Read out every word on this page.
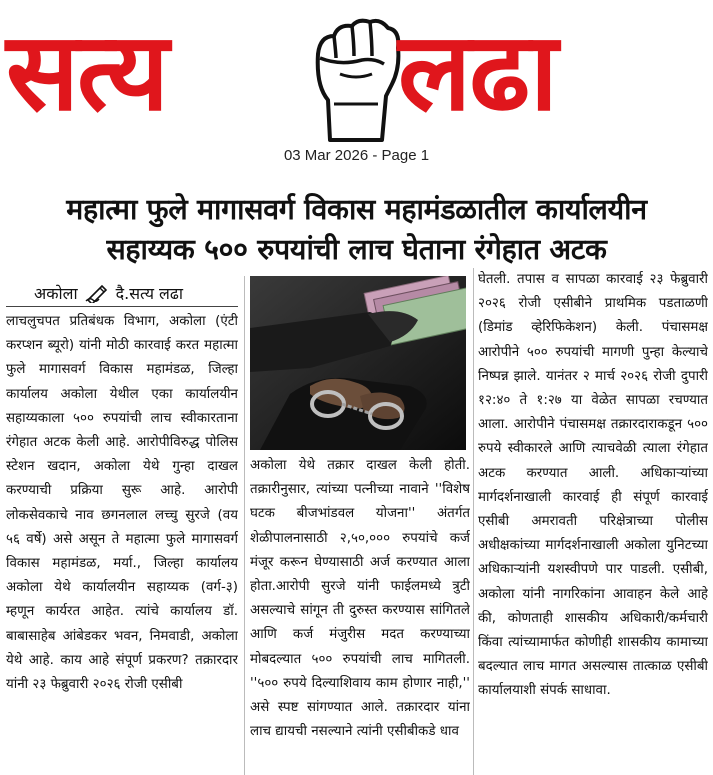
सत्य लढा
03 Mar 2026 - Page 1
महात्मा फुले मागासवर्ग विकास महामंडळातील कार्यालयीन
सहाय्यक ५०० रुपयांची लाच घेताना रंगेहात अटक
अकोला दै.सत्य लढा
लाचलुचपत प्रतिबंधक विभाग, अकोला (एंटी करप्शन ब्यूरो) यांनी मोठी कारवाई करत महात्मा फुले मागासवर्ग विकास महामंडळ, जिल्हा कार्यालय अकोला येथील एका कार्यालयीन सहाय्यकाला ५०० रुपयांची लाच स्वीकारताना रंगेहात अटक केली आहे. आरोपीविरुद्ध पोलिस स्टेशन खदान, अकोला येथे गुन्हा दाखल करण्याची प्रक्रिया सुरू आहे. आरोपी लोकसेवकाचे नाव छगनलाल लच्चु सुरजे (वय ५६ वर्षे) असे असून ते महात्मा फुले मागासवर्ग विकास महामंडळ, मर्या., जिल्हा कार्यालय अकोला येथे कार्यालयीन सहाय्यक (वर्ग-३) म्हणून कार्यरत आहेत. त्यांचे कार्यालय डॉ. बाबासाहेब आंबेडकर भवन, निमवाडी, अकोला येथे आहे. काय आहे संपूर्ण प्रकरण? तक्रारदार यांनी २३ फेब्रुवारी २०२६ रोजी एसीबी
अकोला येथे तक्रार दाखल केली होती. तक्रारीनुसार, त्यांच्या पत्नीच्या नावाने ''विशेष घटक बीजभांडवल योजना'' अंतर्गत शेळीपालनासाठी २,५०,००० रुपयांचे कर्ज मंजूर करून घेण्यासाठी अर्ज करण्यात आला होता.आरोपी सुरजे यांनी फाईलमध्ये त्रुटी असल्याचे सांगून ती दुरुस्त करण्यास सांगितले आणि कर्ज मंजुरीस मदत करण्याच्या मोबदल्यात ५०० रुपयांची लाच मागितली. ''५०० रुपये दिल्याशिवाय काम होणार नाही,'' असे स्पष्ट सांगण्यात आले. तक्रारदार यांना लाच द्यायची नसल्याने त्यांनी एसीबीकडे धाव
घेतली. तपास व सापळा कारवाई २३ फेब्रुवारी २०२६ रोजी एसीबीने प्राथमिक पडताळणी (डिमांड व्हेरिफिकेशन) केली. पंचासमक्ष आरोपीने ५०० रुपयांची मागणी पुन्हा केल्याचे निष्पन्न झाले. यानंतर २ मार्च २०२६ रोजी दुपारी १२:४० ते १:२७ या वेळेत सापळा रचण्यात आला. आरोपीने पंचासमक्ष तक्रारदाराकडून ५०० रुपये स्वीकारले आणि त्याचवेळी त्याला रंगेहात अटक करण्यात आली. अधिकाऱ्यांच्या मार्गदर्शनाखाली कारवाई ही संपूर्ण कारवाई एसीबी अमरावती परिक्षेत्राच्या पोलीस अधीक्षकांच्या मार्गदर्शनाखाली अकोला युनिटच्या अधिकाऱ्यांनी यशस्वीपणे पार पाडली. एसीबी, अकोला यांनी नागरिकांना आवाहन केले आहे की, कोणताही शासकीय अधिकारी/कर्मचारी किंवा त्यांच्यामार्फत कोणीही शासकीय कामाच्या बदल्यात लाच मागत असल्यास तात्काळ एसीबी कार्यालयाशी संपर्क साधावा.
